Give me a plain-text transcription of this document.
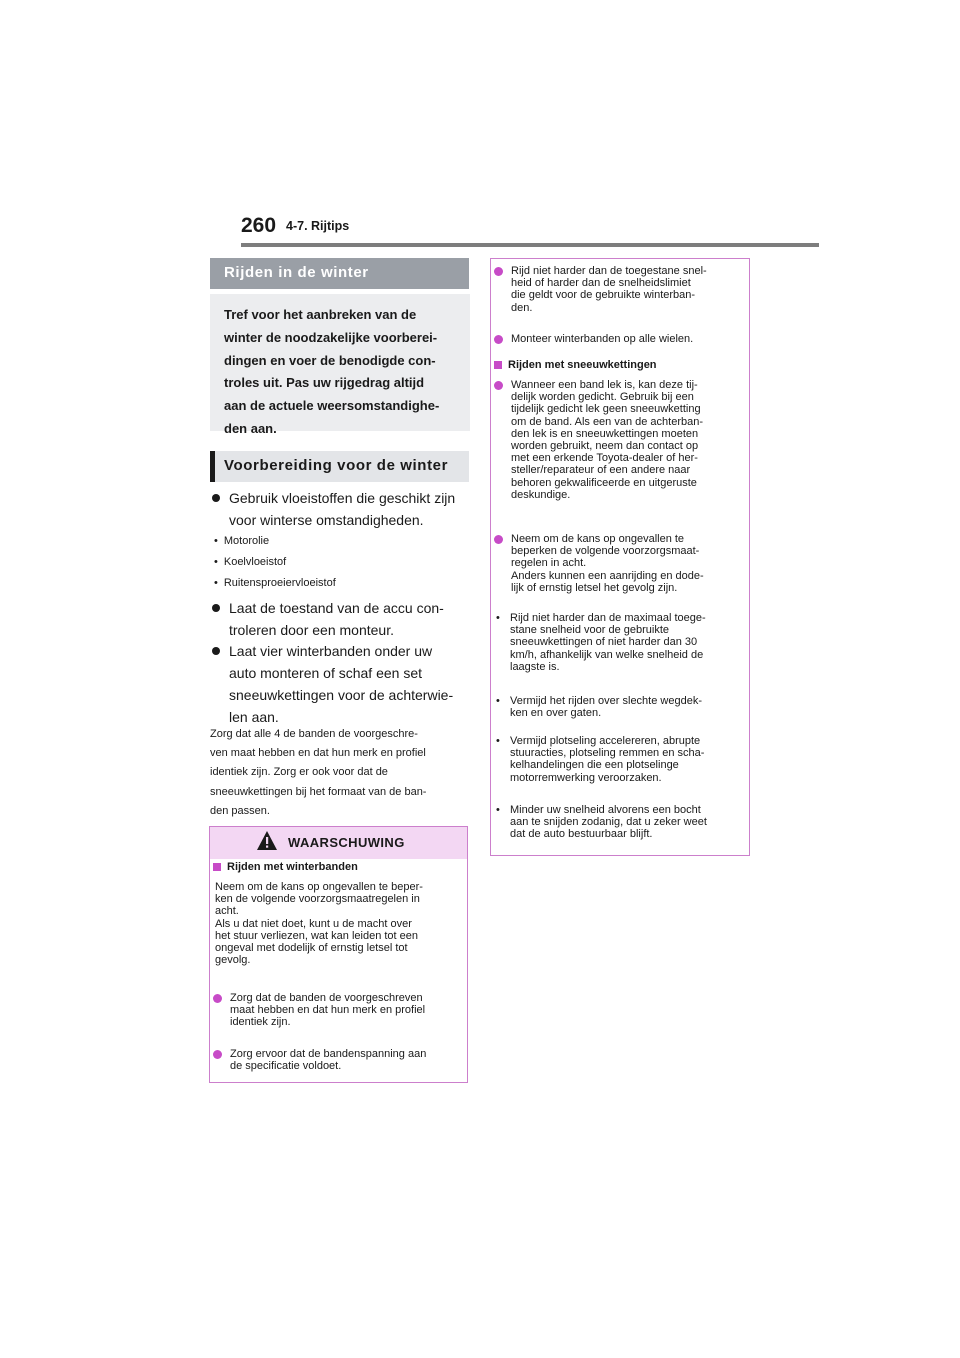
260 4-7. Rijtips
Rijden in de winter
Tref voor het aanbreken van de
winter de noodzakelijke voorberei-
dingen en voer de benodigde con-
troles uit. Pas uw rijgedrag altijd
aan de actuele weersomstandighe-
den aan.
Voorbereiding voor de winter
Gebruik vloeistoffen die geschikt zijn
voor winterse omstandigheden.
• Motorolie
• Koelvloeistof
• Ruitensproeiervloeistof
Laat de toestand van de accu con-
troleren door een monteur.
Laat vier winterbanden onder uw
auto monteren of schaf een set
sneeuwkettingen voor de achterwie-
len aan.
Zorg dat alle 4 de banden de voorgeschre-
ven maat hebben en dat hun merk en profiel
identiek zijn. Zorg er ook voor dat de
sneeuwkettingen bij het formaat van de ban-
den passen.
WAARSCHUWING
Rijden met winterbanden
Neem om de kans op ongevallen te beper-
ken de volgende voorzorgsmaatregelen in
acht.
Als u dat niet doet, kunt u de macht over
het stuur verliezen, wat kan leiden tot een
ongeval met dodelijk of ernstig letsel tot
gevolg.
Zorg dat de banden de voorgeschreven
maat hebben en dat hun merk en profiel
identiek zijn.
Zorg ervoor dat de bandenspanning aan
de specificatie voldoet.
Rijd niet harder dan de toegestane snel-
heid of harder dan de snelheidslimiet
die geldt voor de gebruikte winterban-
den.
Monteer winterbanden op alle wielen.
Rijden met sneeuwkettingen
Wanneer een band lek is, kan deze tij-
delijk worden gedicht. Gebruik bij een
tijdelijk gedicht lek geen sneeuwketting
om de band. Als een van de achterban-
den lek is en sneeuwkettingen moeten
worden gebruikt, neem dan contact op
met een erkende Toyota-dealer of her-
steller/reparateur of een andere naar
behoren gekwalificeerde en uitgeruste
deskundige.
Neem om de kans op ongevallen te
beperken de volgende voorzorgsmaat-
regelen in acht.
Anders kunnen een aanrijding en dode-
lijk of ernstig letsel het gevolg zijn.
• Rijd niet harder dan de maximaal toege-
stane snelheid voor de gebruikte
sneeuwkettingen of niet harder dan 30
km/h, afhankelijk van welke snelheid de
laagste is.
• Vermijd het rijden over slechte wegdek-
ken en over gaten.
• Vermijd plotseling accelereren, abrupte
stuuracties, plotseling remmen en scha-
kelhandelingen die een plotselinge
motorremwerking veroorzaken.
• Minder uw snelheid alvorens een bocht
aan te snijden zodanig, dat u zeker weet
dat de auto bestuurbaar blijft.
